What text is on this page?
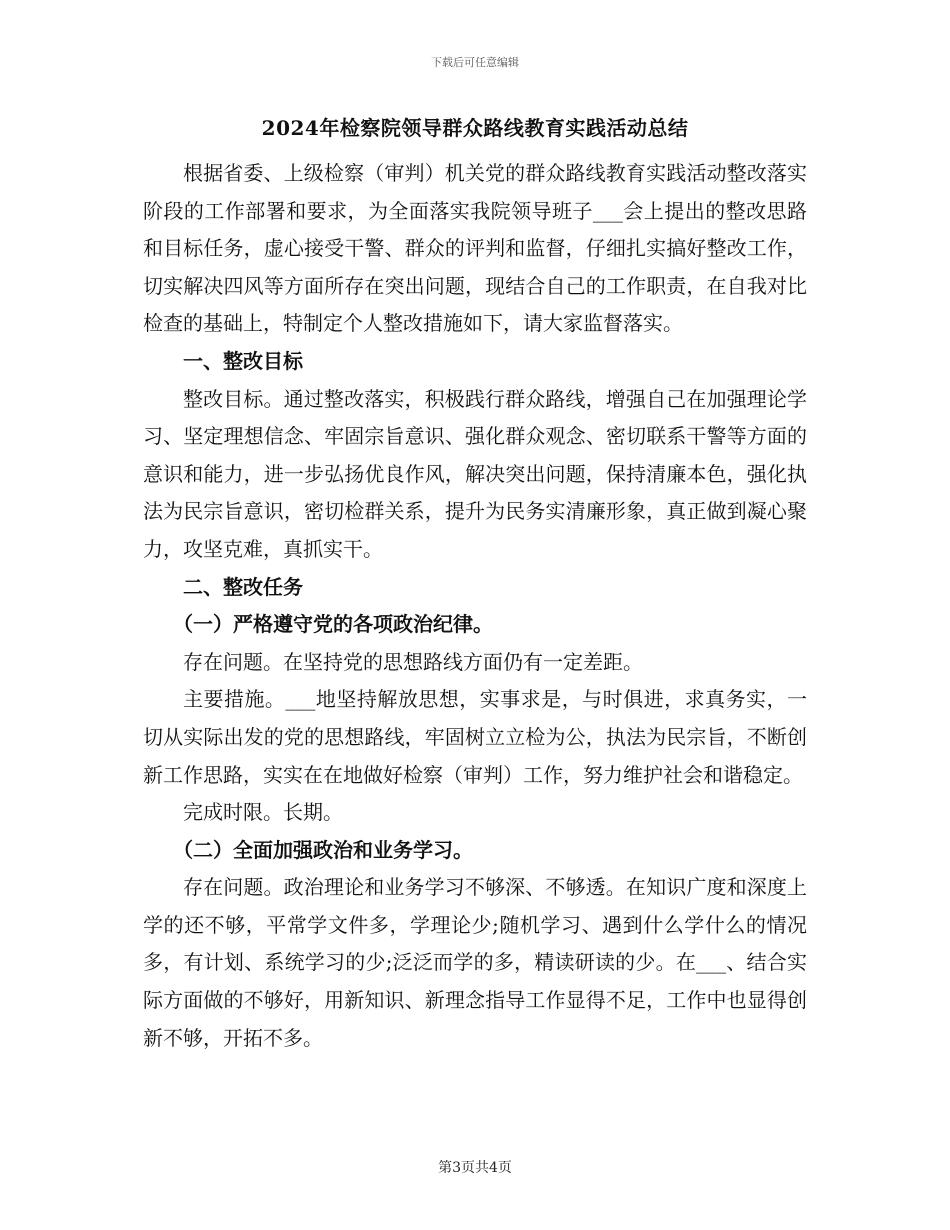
下载后可任意编辑
2024年检察院领导群众路线教育实践活动总结

根据省委、上级检察（审判）机关党的群众路线教育实践活动整改落实阶段的工作部署和要求，为全面落实我院领导班子___会上提出的整改思路和目标任务，虚心接受干警、群众的评判和监督，仔细扎实搞好整改工作，切实解决四风等方面所存在突出问题，现结合自己的工作职责，在自我对比检查的基础上，特制定个人整改措施如下，请大家监督落实。

一、整改目标

整改目标。通过整改落实，积极践行群众路线，增强自己在加强理论学习、坚定理想信念、牢固宗旨意识、强化群众观念、密切联系干警等方面的意识和能力，进一步弘扬优良作风，解决突出问题，保持清廉本色，强化执法为民宗旨意识，密切检群关系，提升为民务实清廉形象，真正做到凝心聚力，攻坚克难，真抓实干。

二、整改任务

（一）严格遵守党的各项政治纪律。

存在问题。在坚持党的思想路线方面仍有一定差距。

主要措施。___地坚持解放思想，实事求是，与时俱进，求真务实，一切从实际出发的党的思想路线，牢固树立立检为公，执法为民宗旨，不断创新工作思路，实实在在地做好检察（审判）工作，努力维护社会和谐稳定。

完成时限。长期。

（二）全面加强政治和业务学习。

存在问题。政治理论和业务学习不够深、不够透。在知识广度和深度上学的还不够，平常学文件多，学理论少;随机学习、遇到什么学什么的情况多，有计划、系统学习的少;泛泛而学的多，精读研读的少。在___、结合实际方面做的不够好，用新知识、新理念指导工作显得不足，工作中也显得创新不够，开拓不多。

第3页共4页
